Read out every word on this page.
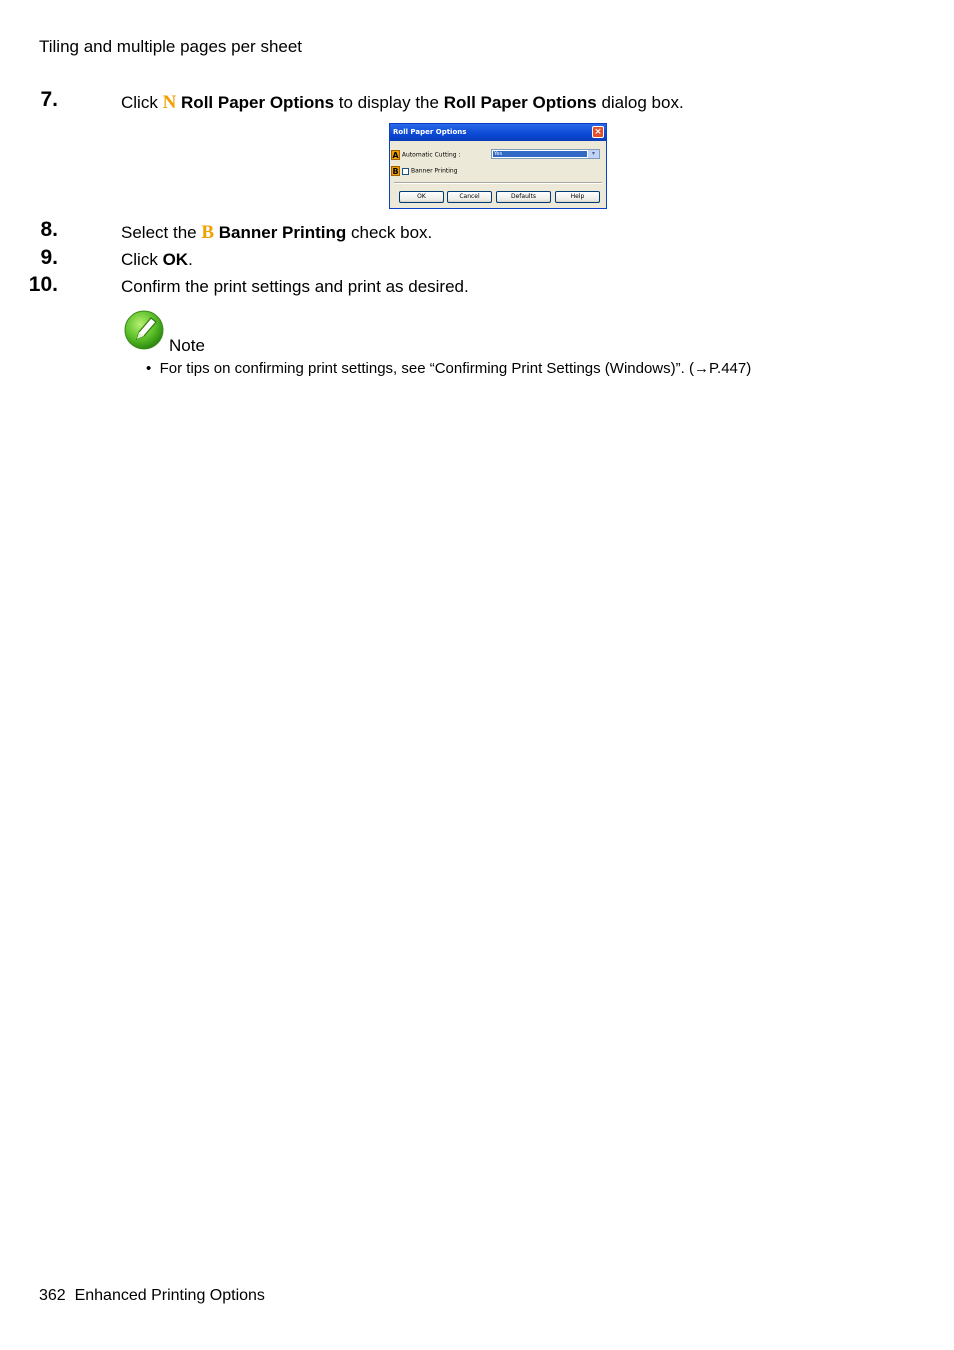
Tiling and multiple pages per sheet
7.	Click N Roll Paper Options to display the Roll Paper Options dialog box.
Roll Paper Options	×
A Automatic Cutting :	Yes	▾
B Banner Printing
OK	Cancel	Defaults	Help
8.	Select the B Banner Printing check box.
9.	Click OK.
10.	Confirm the print settings and print as desired.
Note
• For tips on confirming print settings, see “Confirming Print Settings (Windows)”. (→P.447)
362  Enhanced Printing Options
